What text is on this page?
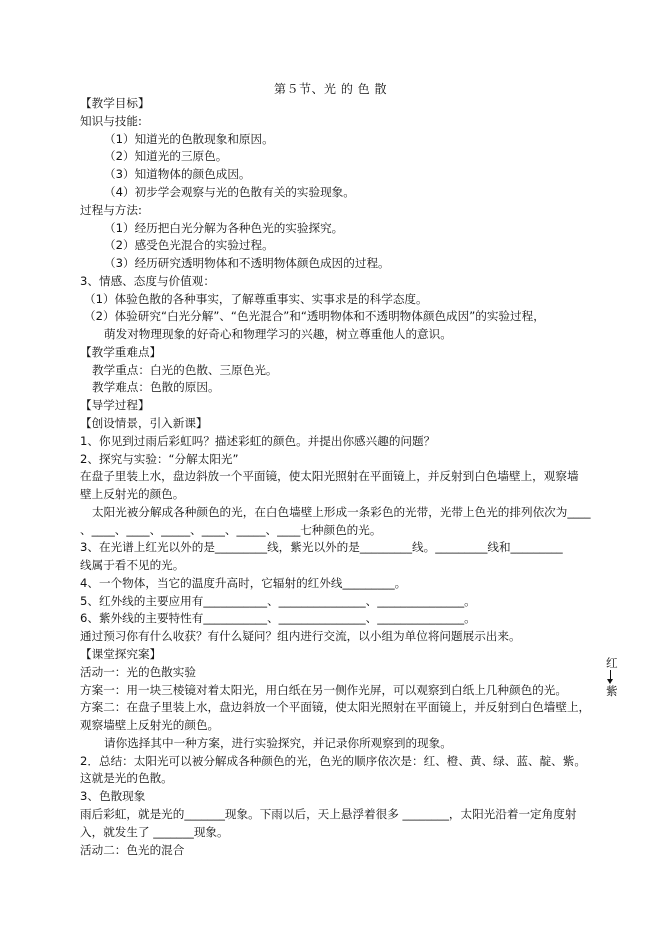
第５节、光 的 色 散
【教学目标】
知识与技能:
（1）知道光的色散现象和原因。
（2）知道光的三原色。
（3）知道物体的颜色成因。
（4）初步学会观察与光的色散有关的实验现象。
过程与方法:
（1）经历把白光分解为各种色光的实验探究。
（2）感受色光混合的实验过程。
（3）经历研究透明物体和不透明物体颜色成因的过程。
3、情感、态度与价值观：
（1）体验色散的各种事实，了解尊重事实、实事求是的科学态度。
（2）体验研究“白光分解”、“色光混合”和“透明物体和不透明物体颜色成因”的实验过程，
萌发对物理现象的好奇心和物理学习的兴趣，树立尊重他人的意识。
【教学重难点】
教学重点：白光的色散、三原色光。
教学难点：色散的原因。
【导学过程】
【创设情景，引入新课】
1、你见到过雨后彩虹吗？描述彩虹的颜色。并提出你感兴趣的问题？
2、探究与实验：“分解太阳光”
在盘子里装上水，盘边斜放一个平面镜，使太阳光照射在平面镜上，并反射到白色墙壁上，观察墙
壁上反射光的颜色。
太阳光被分解成各种颜色的光，在白色墙壁上形成一条彩色的光带，光带上色光的排列依次为____
、____、____、_____、____、_____、____七种颜色的光。
3、在光谱上红光以外的是_________线，紫光以外的是_________线。_________线和_________
线属于看不见的光。
4、一个物体，当它的温度升高时，它辐射的红外线_________。
5、红外线的主要应用有___________、_______________、_______________。
6、紫外线的主要特性有___________、_______________、_______________。
通过预习你有什么收获？有什么疑问？组内进行交流，以小组为单位将问题展示出来。
【课堂探究案】
活动一：光的色散实验
方案一：用一块三棱镜对着太阳光，用白纸在另一侧作光屏，可以观察到白纸上几种颜色的光。
方案二：在盘子里装上水，盘边斜放一个平面镜，使太阳光照射在平面镜上，并反射到白色墙壁上，
观察墙壁上反射光的颜色。
请你选择其中一种方案，进行实验探究，并记录你所观察到的现象。
2．总结：太阳光可以被分解成各种颜色的光，色光的顺序依次是：红、橙、黄、绿、蓝、靛、紫。
这就是光的色散。
3、色散现象
雨后彩虹，就是光的_______现象。下雨以后，天上悬浮着很多 ________，太阳光沿着一定角度射
入，就发生了 _______现象。
活动二：色光的混合
红
紫
